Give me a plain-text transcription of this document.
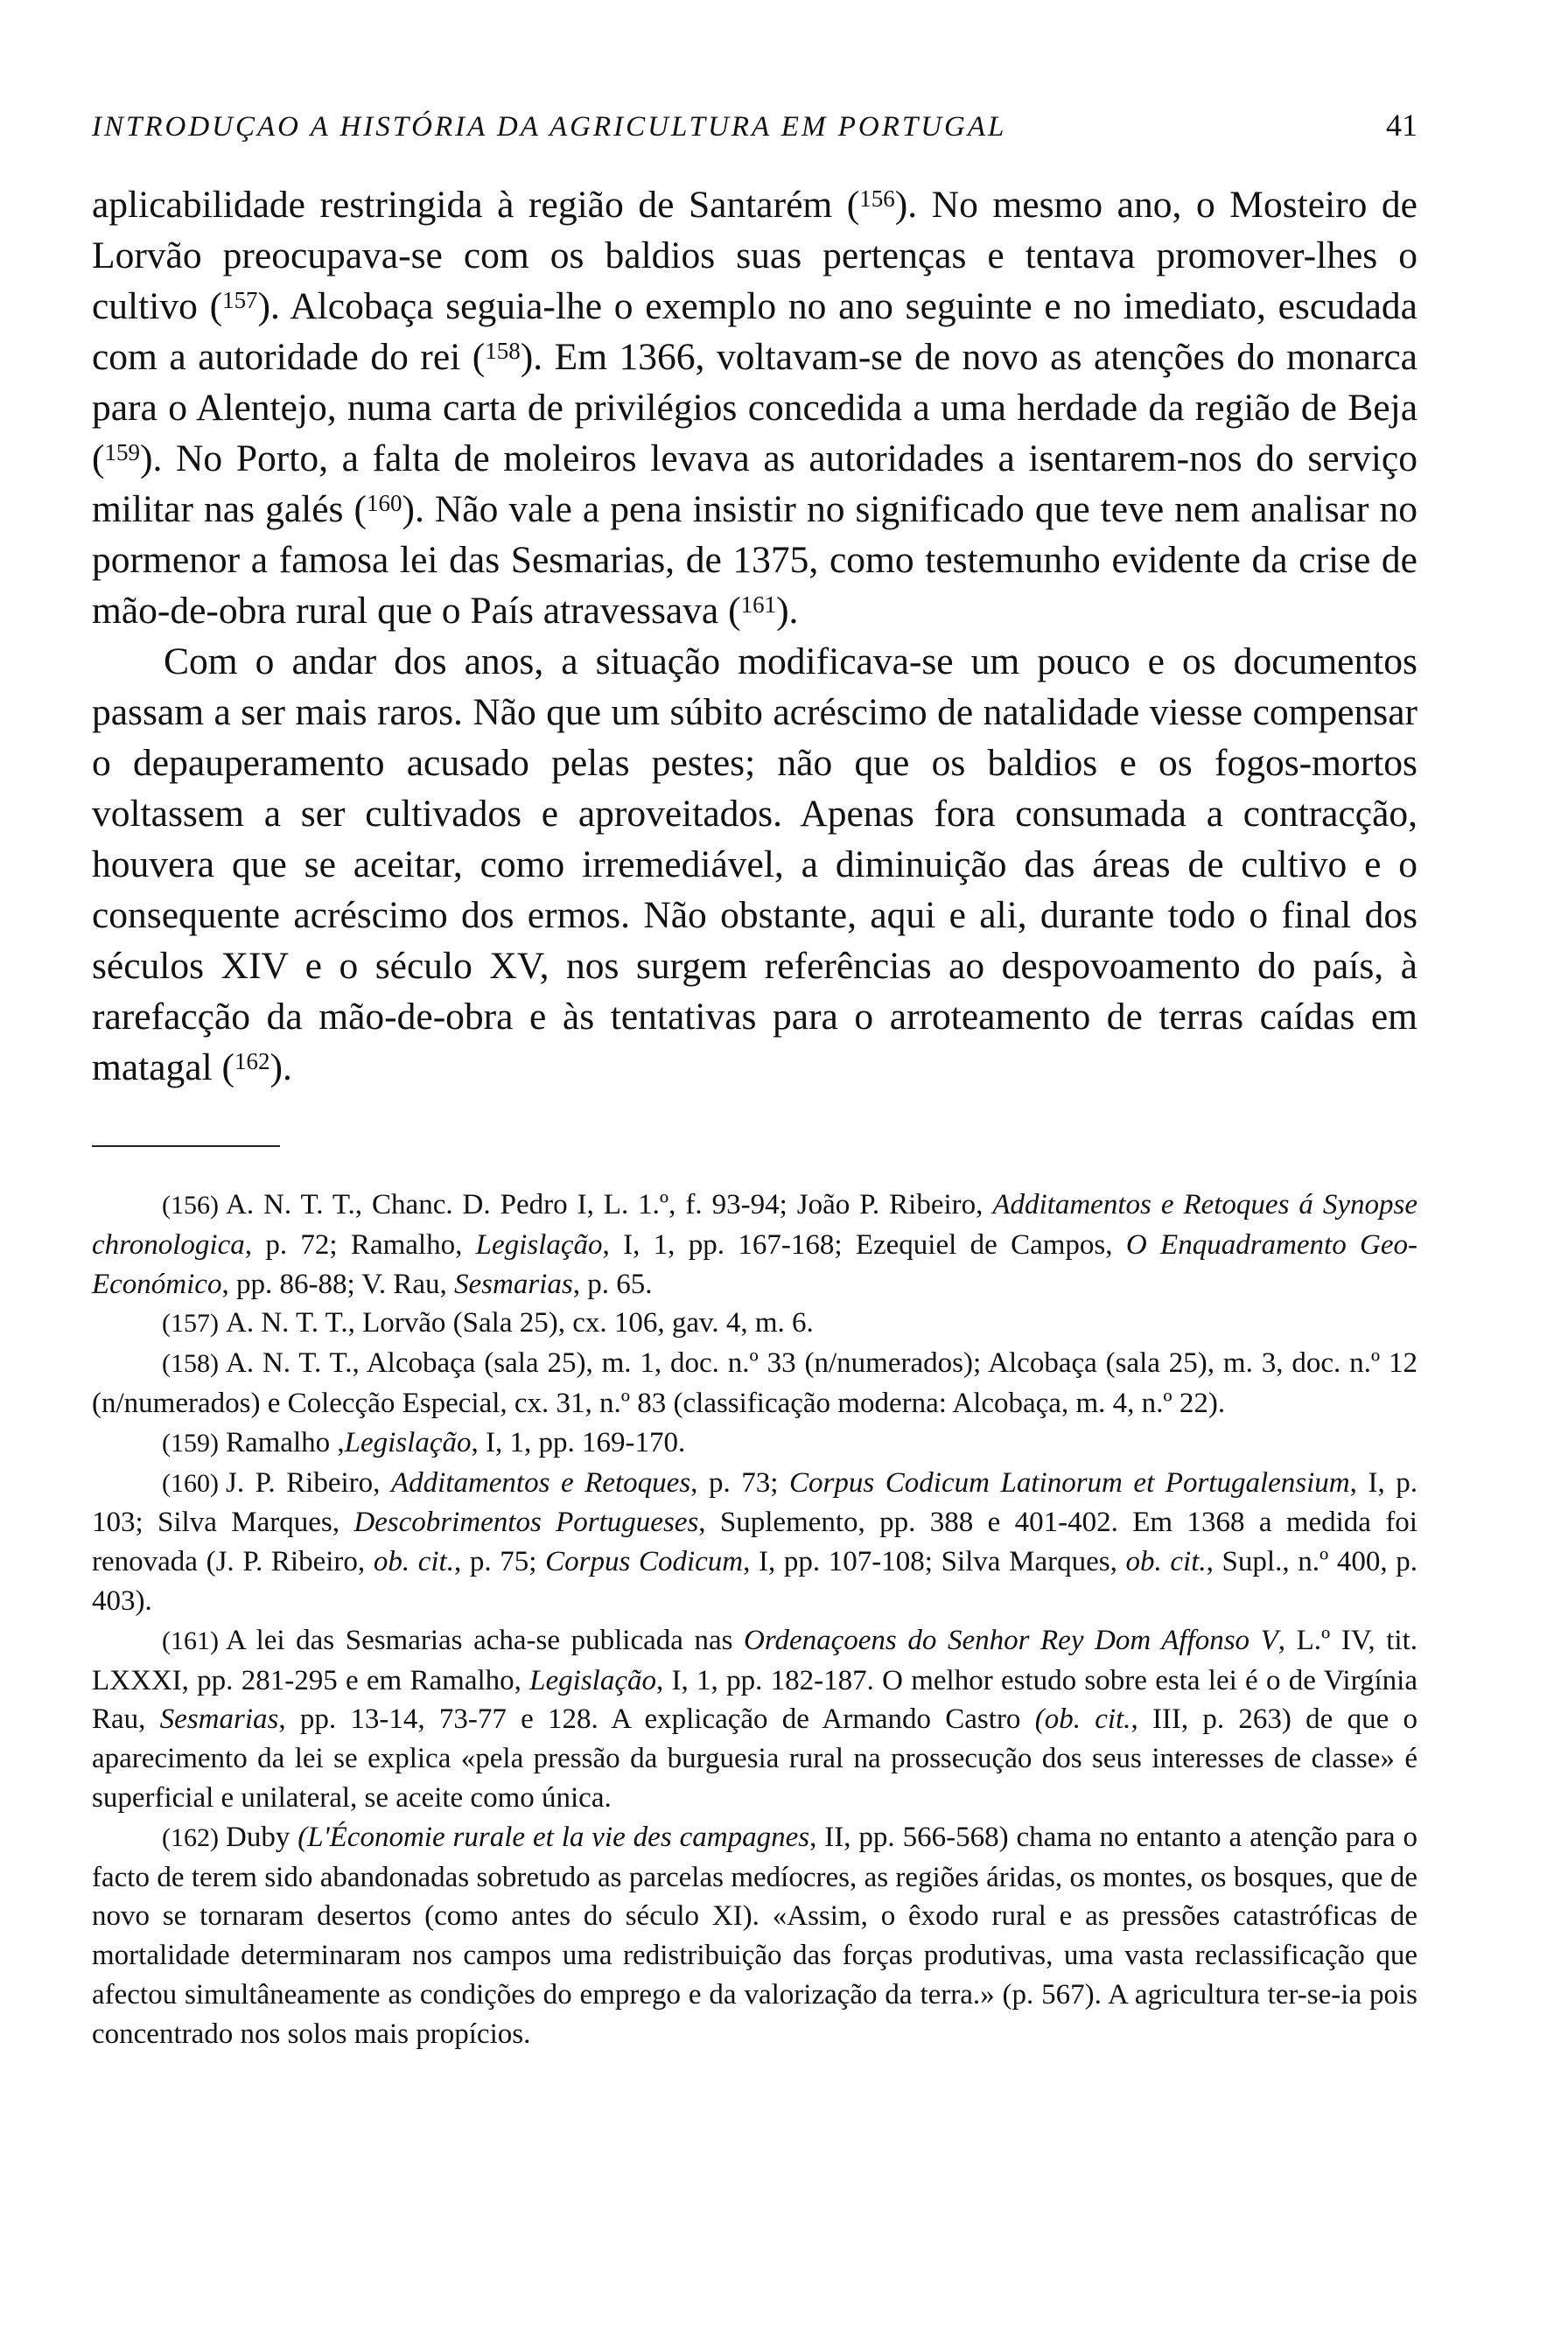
INTRODUÇAO A HISTÓRIA DA AGRICULTURA EM PORTUGAL	41

aplicabilidade restringida à região de Santarém ($^{156}$). No mesmo ano, o Mosteiro de Lorvão preocupava-se com os baldios suas pertenças e tentava promover-lhes o cultivo ($^{157}$). Alcobaça seguia-lhe o exemplo no ano seguinte e no imediato, escudada com a autoridade do rei ($^{158}$). Em 1366, voltavam-se de novo as atenções do monarca para o Alentejo, numa carta de privilégios concedida a uma herdade da região de Beja ($^{159}$). No Porto, a falta de moleiros levava as autoridades a isentarem-nos do serviço militar nas galés ($^{160}$). Não vale a pena insistir no significado que teve nem analisar no pormenor a famosa lei das Sesmarias, de 1375, como testemunho evidente da crise de mão-de-obra rural que o País atravessava ($^{161}$).

Com o andar dos anos, a situação modificava-se um pouco e os documentos passam a ser mais raros. Não que um súbito acréscimo de natalidade viesse compensar o depauperamento acusado pelas pestes; não que os baldios e os fogos-mortos voltassem a ser cultivados e aproveitados. Apenas fora consumada a contracção, houvera que se aceitar, como irremediável, a diminuição das áreas de cultivo e o consequente acréscimo dos ermos. Não obstante, aqui e ali, durante todo o final dos séculos XIV e o século XV, nos surgem referências ao despovoamento do país, à rarefacção da mão-de-obra e às tentativas para o arroteamento de terras caídas em matagal ($^{162}$).

(156) A. N. T. T., Chanc. D. Pedro I, L. 1.º, f. 93-94; João P. Ribeiro, Additamentos e Retoques á Synopse chronologica, p. 72; Ramalho, Legislação, I, 1, pp. 167-168; Ezequiel de Campos, O Enquadramento Geo-Económico, pp. 86-88; V. Rau, Sesmarias, p. 65.

(157) A. N. T. T., Lorvão (Sala 25), cx. 106, gav. 4, m. 6.

(158) A. N. T. T., Alcobaça (sala 25), m. 1, doc. n.º 33 (n/numerados); Alcobaça (sala 25), m. 3, doc. n.º 12 (n/numerados) e Colecção Especial, cx. 31, n.º 83 (classificação moderna: Alcobaça, m. 4, n.º 22).

(159) Ramalho ,Legislação, I, 1, pp. 169-170.

(160) J. P. Ribeiro, Additamentos e Retoques, p. 73; Corpus Codicum Latinorum et Portugalensium, I, p. 103; Silva Marques, Descobrimentos Portugueses, Suplemento, pp. 388 e 401-402. Em 1368 a medida foi renovada (J. P. Ribeiro, ob. cit., p. 75; Corpus Codicum, I, pp. 107-108; Silva Marques, ob. cit., Supl., n.º 400, p. 403).

(161) A lei das Sesmarias acha-se publicada nas Ordenaçoens do Senhor Rey Dom Affonso V, L.º IV, tit. LXXXI, pp. 281-295 e em Ramalho, Legislação, I, 1, pp. 182-187. O melhor estudo sobre esta lei é o de Virgínia Rau, Sesmarias, pp. 13-14, 73-77 e 128. A explicação de Armando Castro (ob. cit., III, p. 263) de que o aparecimento da lei se explica «pela pressão da burguesia rural na prossecução dos seus interesses de classe» é superficial e unilateral, se aceite como única.

(162) Duby (L'Économie rurale et la vie des campagnes, II, pp. 566-568) chama no entanto a atenção para o facto de terem sido abandonadas sobretudo as parcelas medíocres, as regiões áridas, os montes, os bosques, que de novo se tornaram desertos (como antes do século XI). «Assim, o êxodo rural e as pressões catastróficas de mortalidade determinaram nos campos uma redistribuição das forças produtivas, uma vasta reclassificação que afectou simultâneamente as condições do emprego e da valorização da terra.» (p. 567). A agricultura ter-se-ia pois concentrado nos solos mais propícios.
